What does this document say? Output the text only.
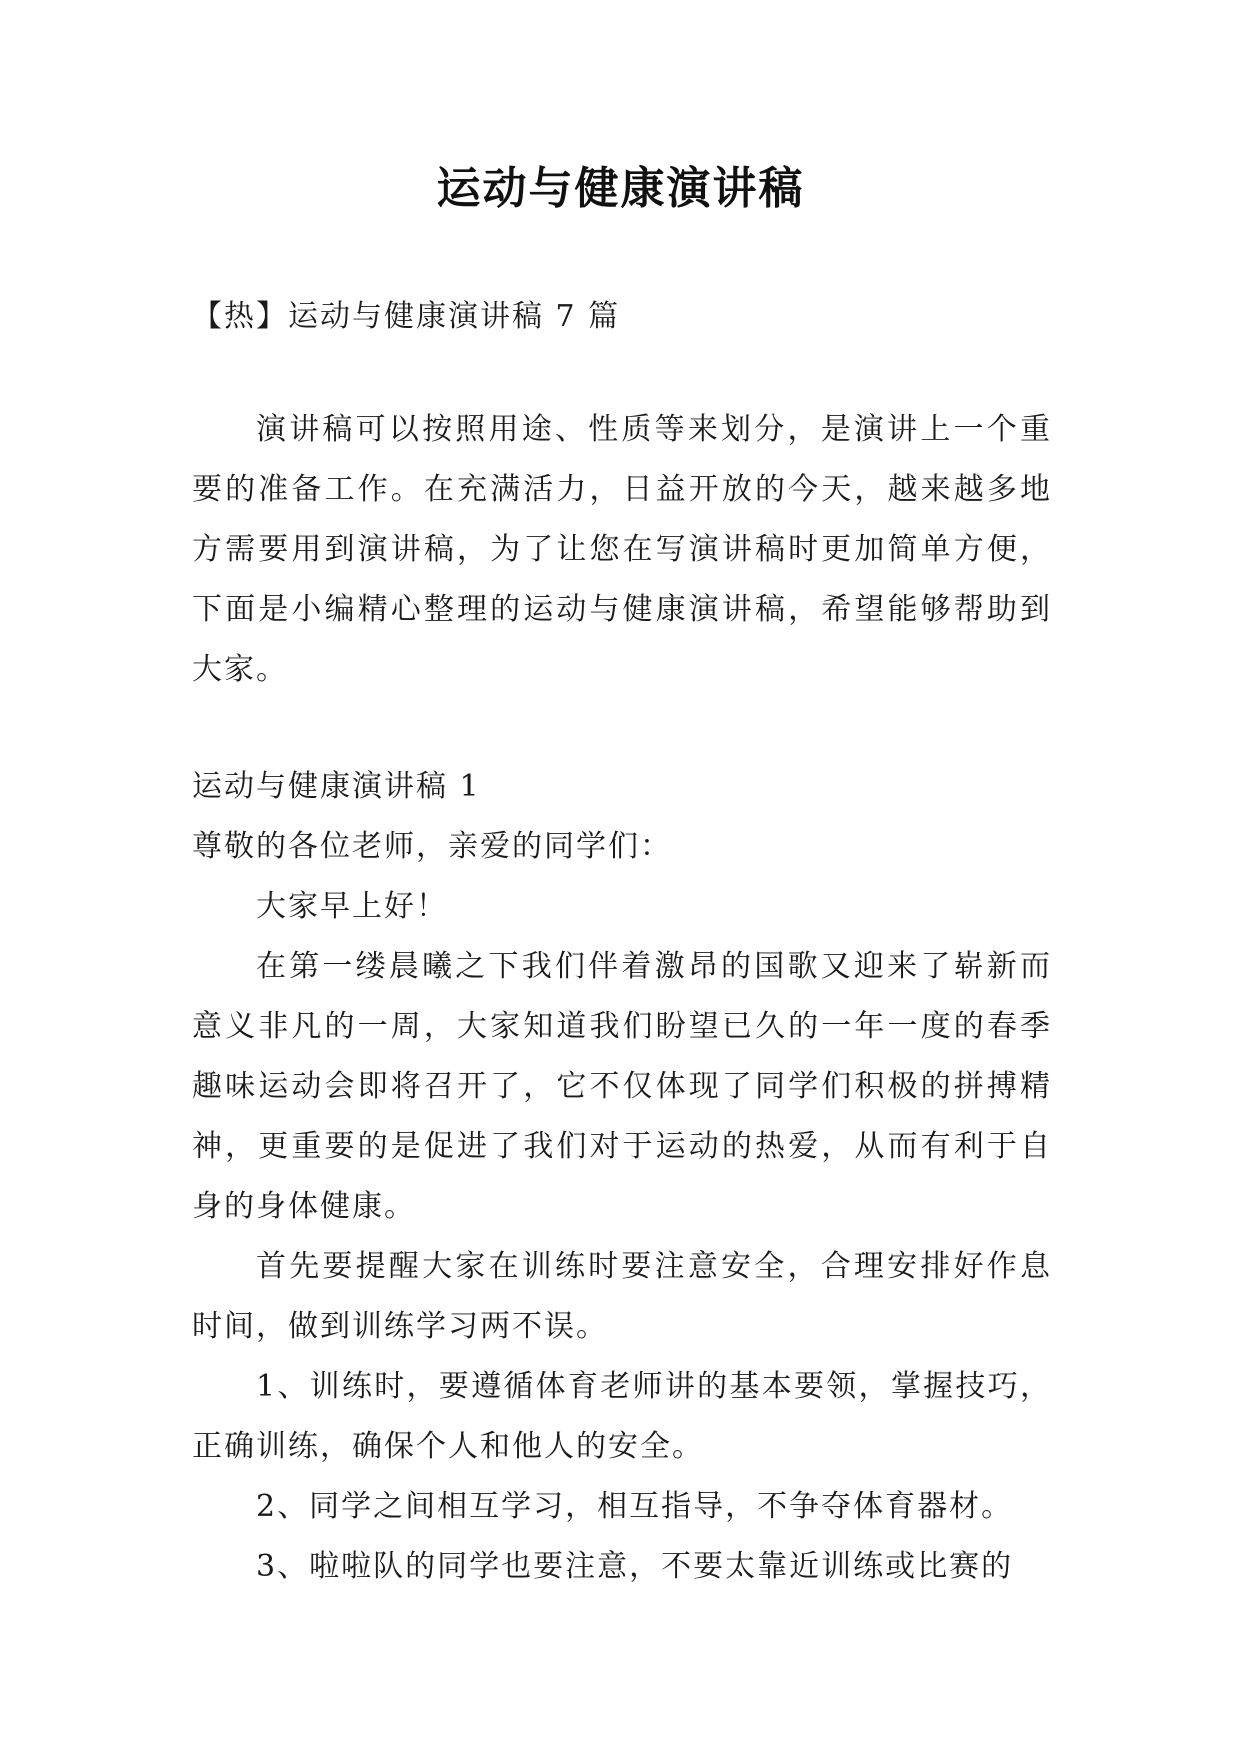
运动与健康演讲稿

【热】运动与健康演讲稿 7 篇

演讲稿可以按照用途、性质等来划分，是演讲上一个重要的准备工作。在充满活力，日益开放的今天，越来越多地方需要用到演讲稿，为了让您在写演讲稿时更加简单方便，下面是小编精心整理的运动与健康演讲稿，希望能够帮助到大家。

运动与健康演讲稿 1

尊敬的各位老师，亲爱的同学们：

大家早上好！

在第一缕晨曦之下我们伴着激昂的国歌又迎来了崭新而意义非凡的一周，大家知道我们盼望已久的一年一度的春季趣味运动会即将召开了，它不仅体现了同学们积极的拼搏精神，更重要的是促进了我们对于运动的热爱，从而有利于自身的身体健康。

首先要提醒大家在训练时要注意安全，合理安排好作息时间，做到训练学习两不误。

1、训练时，要遵循体育老师讲的基本要领，掌握技巧，正确训练，确保个人和他人的安全。

2、同学之间相互学习，相互指导，不争夺体育器材。

3、啦啦队的同学也要注意，不要太靠近训练或比赛的
